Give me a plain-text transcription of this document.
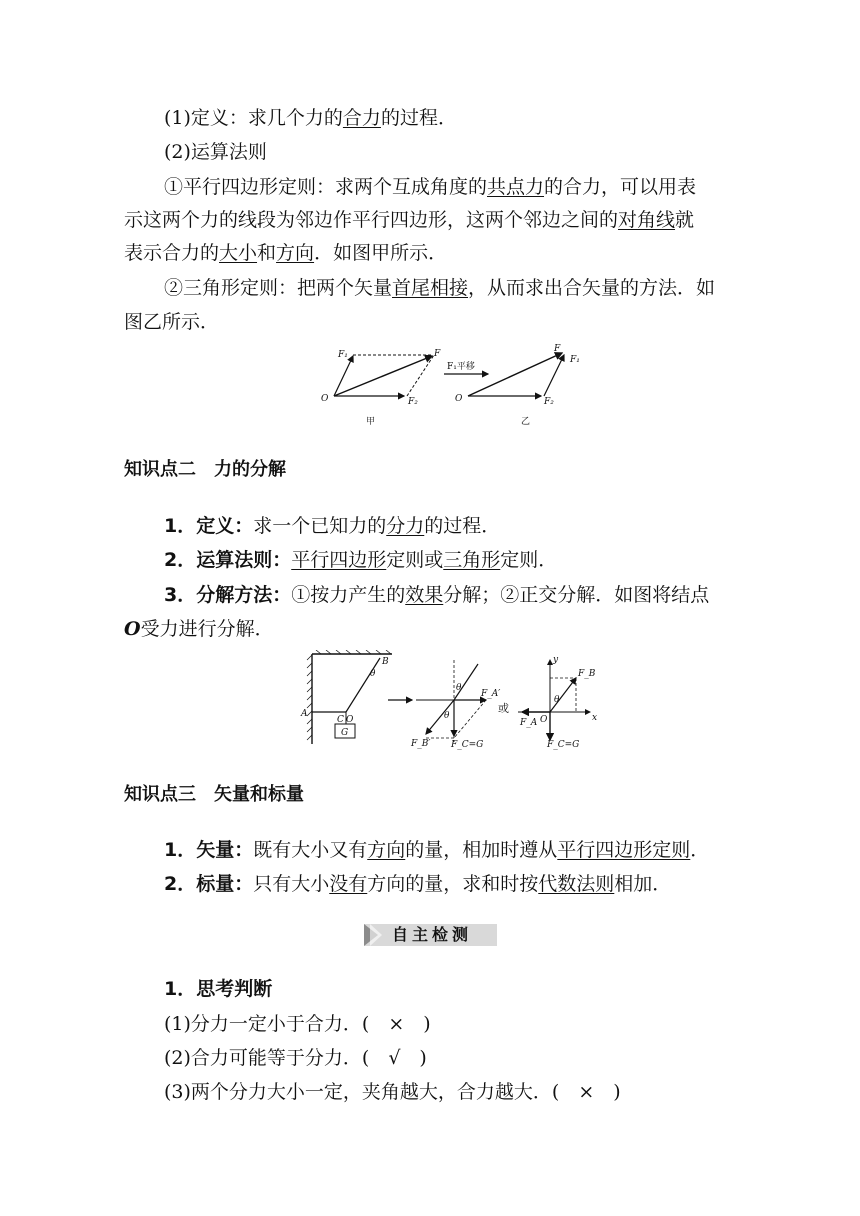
(1)定义：求几个力的合力的过程．
(2)运算法则
①平行四边形定则：求两个互成角度的共点力的合力，可以用表
示这两个力的线段为邻边作平行四边形，这两个邻边之间的对角线就
表示合力的大小和方向．如图甲所示．
②三角形定则：把两个矢量首尾相接，从而求出合矢量的方法．如
图乙所示．
F₁	F
O	F₂
甲
F₁平移
O
F
F₁
F₂
乙
知识点二　力的分解
1．定义：求一个已知力的分力的过程．
2．运算法则：平行四边形定则或三角形定则．
3．分解方法：①按力产生的效果分解；②正交分解．如图将结点
O受力进行分解．
A
B
C O
G
θ
θ
θ
F_A′
F_B′ F_C=G
或
y
x
F_B
F_A O
θ
F_C=G
知识点三　矢量和标量
1．矢量：既有大小又有方向的量，相加时遵从平行四边形定则．
2．标量：只有大小没有方向的量，求和时按代数法则相加．
自主检测
1．思考判断
(1)分力一定小于合力．(　×　)
(2)合力可能等于分力．(　√　)
(3)两个分力大小一定，夹角越大，合力越大．(　×　)
